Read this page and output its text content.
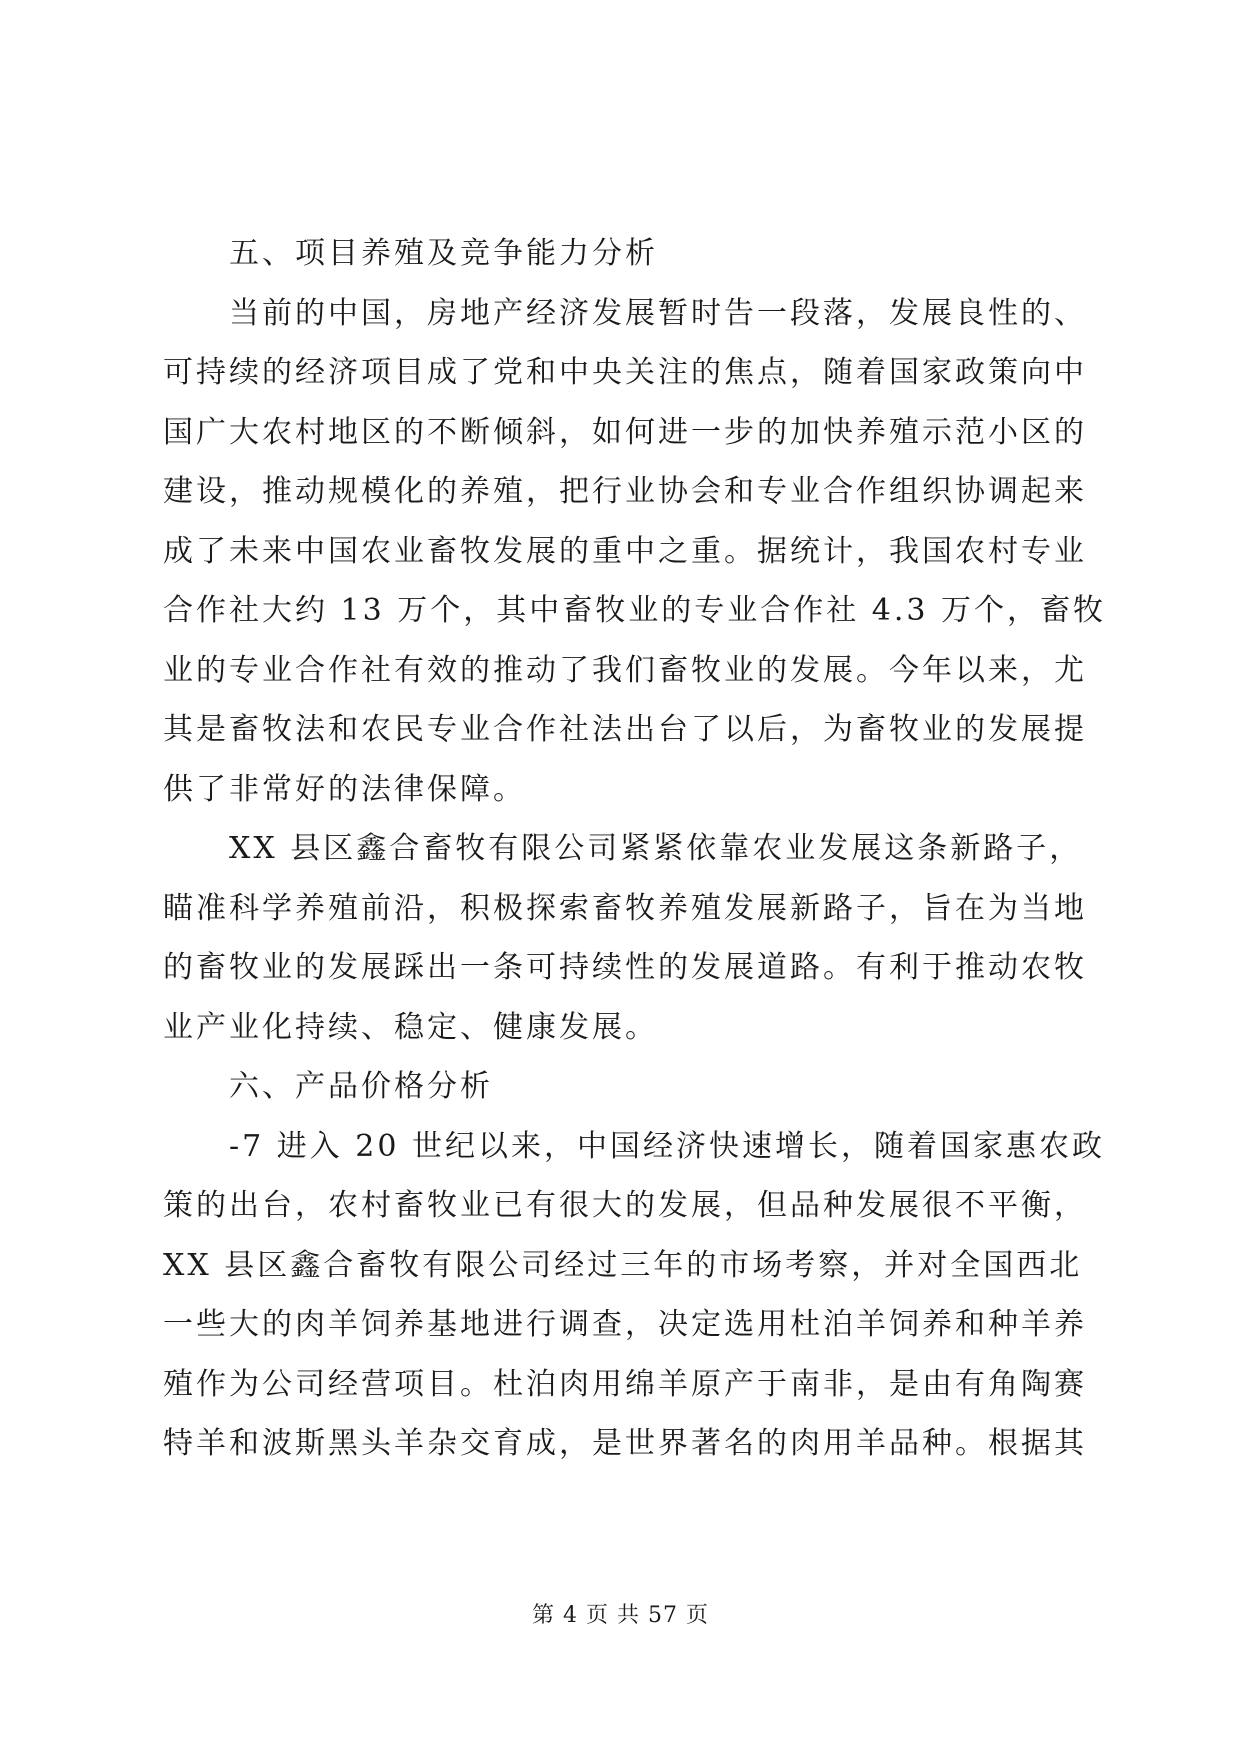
五、项目养殖及竞争能力分析
当前的中国，房地产经济发展暂时告一段落，发展良性的、
可持续的经济项目成了党和中央关注的焦点，随着国家政策向中
国广大农村地区的不断倾斜，如何进一步的加快养殖示范小区的
建设，推动规模化的养殖，把行业协会和专业合作组织协调起来
成了未来中国农业畜牧发展的重中之重。据统计，我国农村专业
合作社大约 13 万个，其中畜牧业的专业合作社 4.3 万个，畜牧
业的专业合作社有效的推动了我们畜牧业的发展。今年以来，尤
其是畜牧法和农民专业合作社法出台了以后，为畜牧业的发展提
供了非常好的法律保障。
XX 县区鑫合畜牧有限公司紧紧依靠农业发展这条新路子，
瞄准科学养殖前沿，积极探索畜牧养殖发展新路子，旨在为当地
的畜牧业的发展踩出一条可持续性的发展道路。有利于推动农牧
业产业化持续、稳定、健康发展。
六、产品价格分析
-7 进入 20 世纪以来，中国经济快速增长，随着国家惠农政
策的出台，农村畜牧业已有很大的发展，但品种发展很不平衡，
XX 县区鑫合畜牧有限公司经过三年的市场考察，并对全国西北
一些大的肉羊饲养基地进行调查，决定选用杜泊羊饲养和种羊养
殖作为公司经营项目。杜泊肉用绵羊原产于南非，是由有角陶赛
特羊和波斯黑头羊杂交育成，是世界著名的肉用羊品种。根据其
第 4 页 共 57 页
